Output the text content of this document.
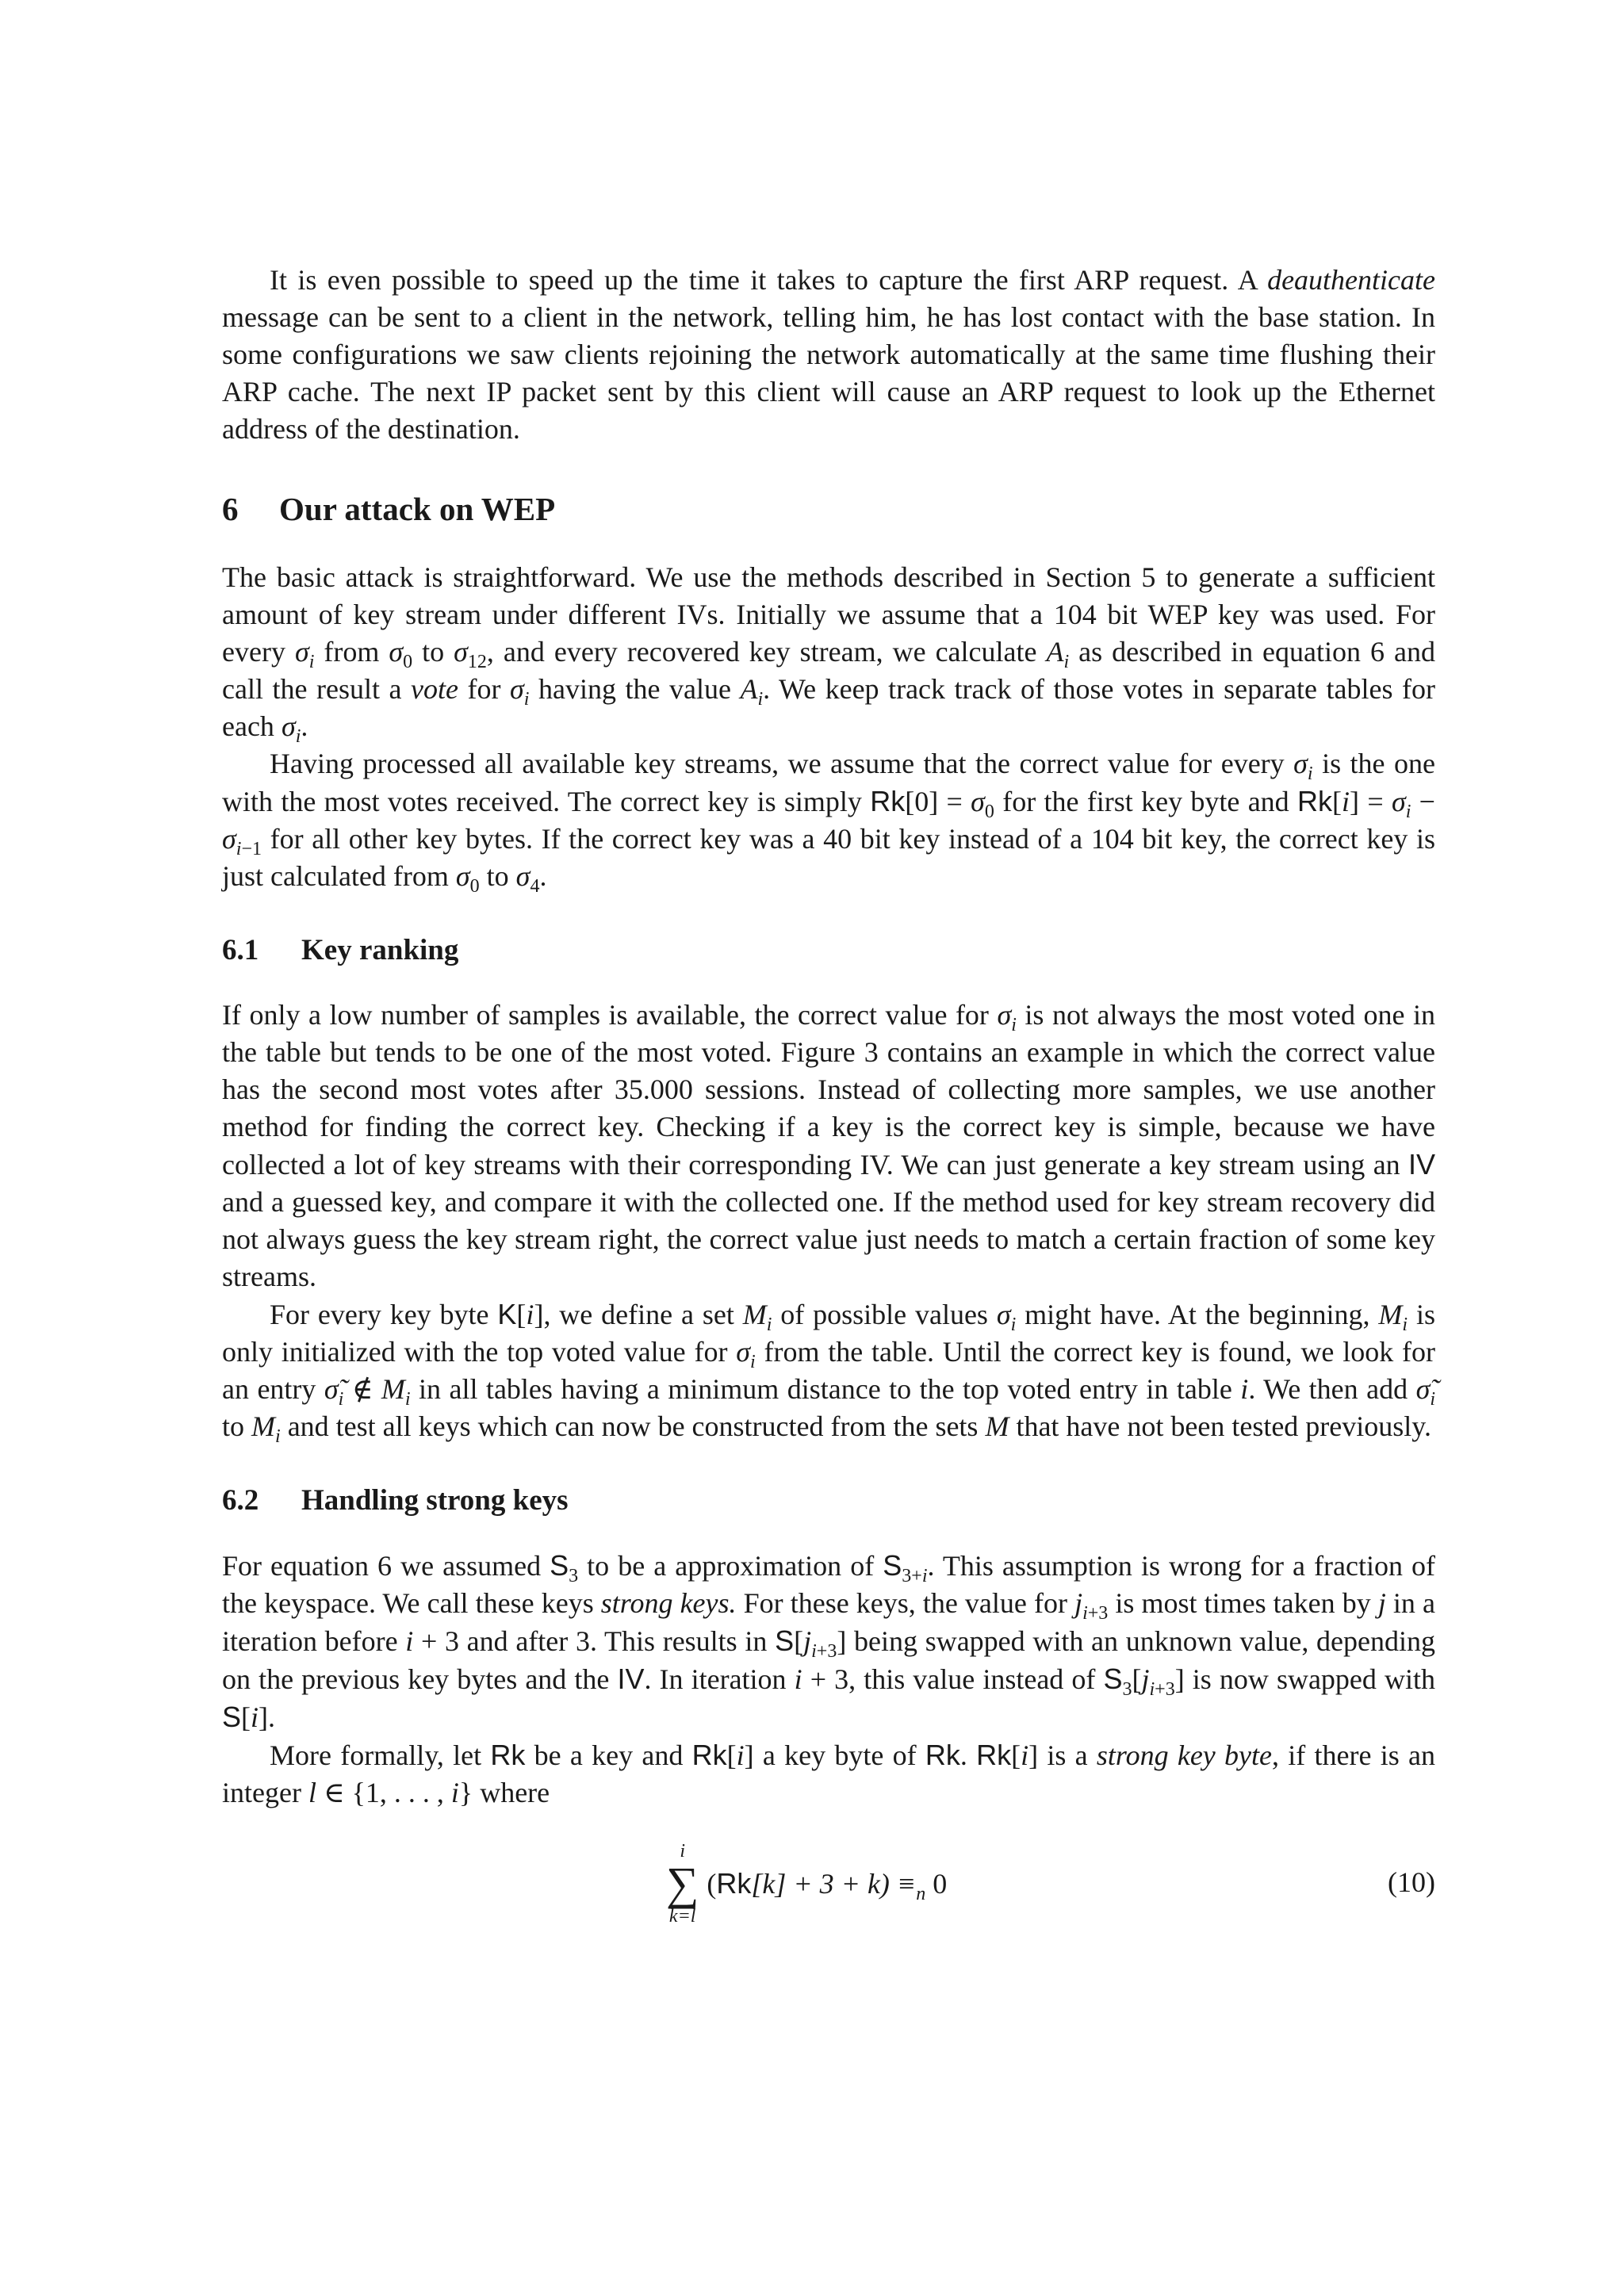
It is even possible to speed up the time it takes to capture the first ARP request. A deauthenticate message can be sent to a client in the network, telling him, he has lost contact with the base station. In some configurations we saw clients rejoining the network automatically at the same time flushing their ARP cache. The next IP packet sent by this client will cause an ARP request to look up the Ethernet address of the destination.

6 Our attack on WEP

The basic attack is straightforward. We use the methods described in Section 5 to generate a sufficient amount of key stream under different IVs. Initially we assume that a 104 bit WEP key was used. For every $\sigma_i$ from $\sigma_0$ to $\sigma_{12}$, and every recovered key stream, we calculate $A_i$ as described in equation 6 and call the result a vote for $\sigma_i$ having the value $A_i$. We keep track track of those votes in separate tables for each $\sigma_i$.

Having processed all available key streams, we assume that the correct value for every $\sigma_i$ is the one with the most votes received. The correct key is simply $Rk[0] = \sigma_0$ for the first key byte and $Rk[i] = \sigma_i - \sigma_{i-1}$ for all other key bytes. If the correct key was a 40 bit key instead of a 104 bit key, the correct key is just calculated from $\sigma_0$ to $\sigma_4$.

6.1 Key ranking

If only a low number of samples is available, the correct value for $\sigma_i$ is not always the most voted one in the table but tends to be one of the most voted. Figure 3 contains an example in which the correct value has the second most votes after 35.000 sessions. Instead of collecting more samples, we use another method for finding the correct key. Checking if a key is the correct key is simple, because we have collected a lot of key streams with their corresponding IV. We can just generate a key stream using an IV and a guessed key, and compare it with the collected one. If the method used for key stream recovery did not always guess the key stream right, the correct value just needs to match a certain fraction of some key streams.

For every key byte K[i], we define a set $M_i$ of possible values $\sigma_i$ might have. At the beginning, $M_i$ is only initialized with the top voted value for $\sigma_i$ from the table. Until the correct key is found, we look for an entry $\sigmã_i$ ∉ $M_i$ in all tables having a minimum distance to the top voted entry in table i. We then add $\sigmã_i$ to $M_i$ and test all keys which can now be constructed from the sets M that have not been tested previously.

6.2 Handling strong keys

For equation 6 we assumed $S_3$ to be a approximation of $S_{3+i}$. This assumption is wrong for a fraction of the keyspace. We call these keys strong keys. For these keys, the value for $j_{i+3}$ is most times taken by j in a iteration before i + 3 and after 3. This results in $S[j_{i+3}]$ being swapped with an unknown value, depending on the previous key bytes and the IV. In iteration i + 3, this value instead of $S_3[j_{i+3}]$ is now swapped with S[i].

More formally, let Rk be a key and Rk[i] a key byte of Rk. Rk[i] is a strong key byte, if there is an integer l ∈ {1, . . . , i} where

i
∑
k=l
$(Rk[k] + 3 + k) \equiv_n$ 0	(10)
